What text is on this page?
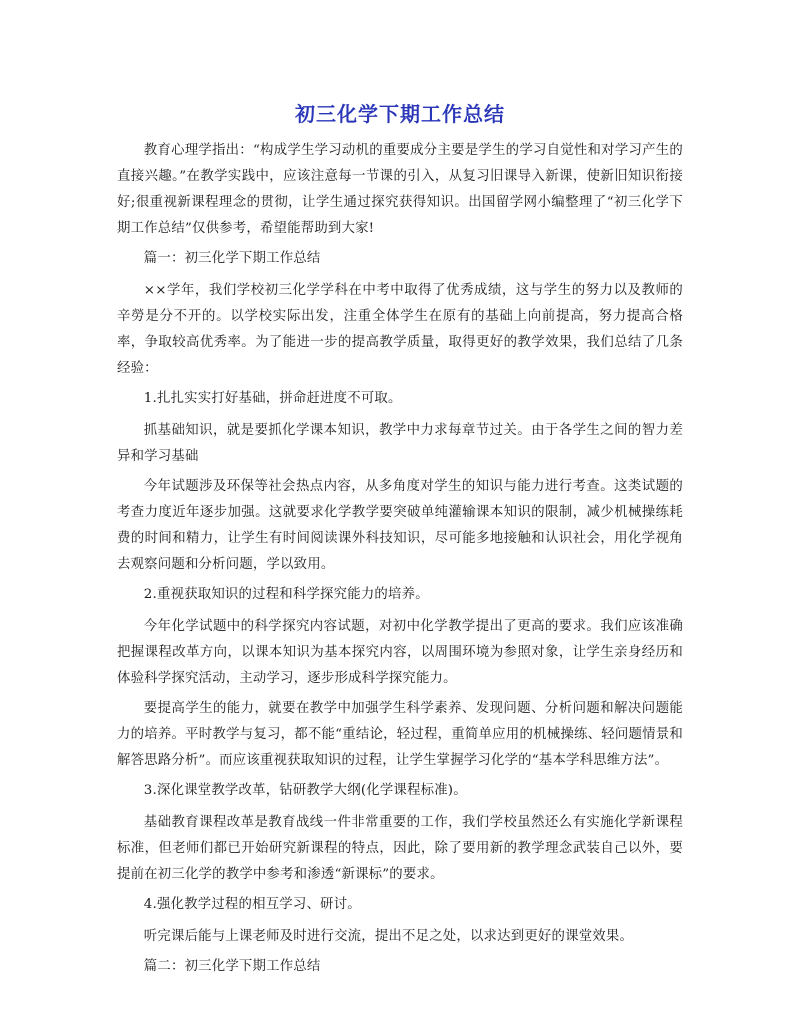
初三化学下期工作总结

教育心理学指出：“构成学生学习动机的重要成分主要是学生的学习自觉性和对学习产生的直接兴趣。”在教学实践中，应该注意每一节课的引入，从复习旧课导入新课，使新旧知识衔接好;很重视新课程理念的贯彻，让学生通过探究获得知识。出国留学网小编整理了“初三化学下期工作总结”仅供参考，希望能帮助到大家!

篇一：初三化学下期工作总结

××学年，我们学校初三化学学科在中考中取得了优秀成绩，这与学生的努力以及教师的辛勞是分不开的。以学校实际出发，注重全体学生在原有的基础上向前提高，努力提高合格率，争取较高优秀率。为了能进一步的提高教学质量，取得更好的教学效果，我们总结了几条经验：

1.扎扎实实打好基础，拼命赶进度不可取。

抓基础知识，就是要抓化学课本知识，教学中力求每章节过关。由于各学生之间的智力差异和学习基础

今年试题涉及环保等社会热点内容，从多角度对学生的知识与能力进行考查。这类试题的考查力度近年逐步加强。这就要求化学教学要突破单纯灌输课本知识的限制，减少机械操练耗费的时间和精力，让学生有时间阅读课外科技知识，尽可能多地接触和认识社会，用化学视角去观察问题和分析问题，学以致用。

2.重视获取知识的过程和科学探究能力的培养。

今年化学试题中的科学探究内容试题，对初中化学教学提出了更高的要求。我们应该准确把握课程改革方向，以课本知识为基本探究内容，以周围环境为参照对象，让学生亲身经历和体验科学探究活动，主动学习，逐步形成科学探究能力。

要提高学生的能力，就要在教学中加强学生科学素养、发现问题、分析问题和解决问题能力的培养。平时教学与复习，都不能“重结论，轻过程，重简单应用的机械操练、轻问题情景和解答思路分析”。而应该重视获取知识的过程，让学生掌握学习化学的“基本学科思维方法”。

3.深化课堂教学改革，钻研教学大纲(化学课程标准)。

基础教育课程改革是教育战线一件非常重要的工作，我们学校虽然还么有实施化学新课程标准，但老师们都已开始研究新课程的特点，因此，除了要用新的教学理念武装自己以外，要提前在初三化学的教学中参考和渗透“新课标”的要求。

4.强化教学过程的相互学习、研讨。

听完课后能与上课老师及时进行交流，提出不足之处，以求达到更好的课堂效果。

篇二：初三化学下期工作总结
